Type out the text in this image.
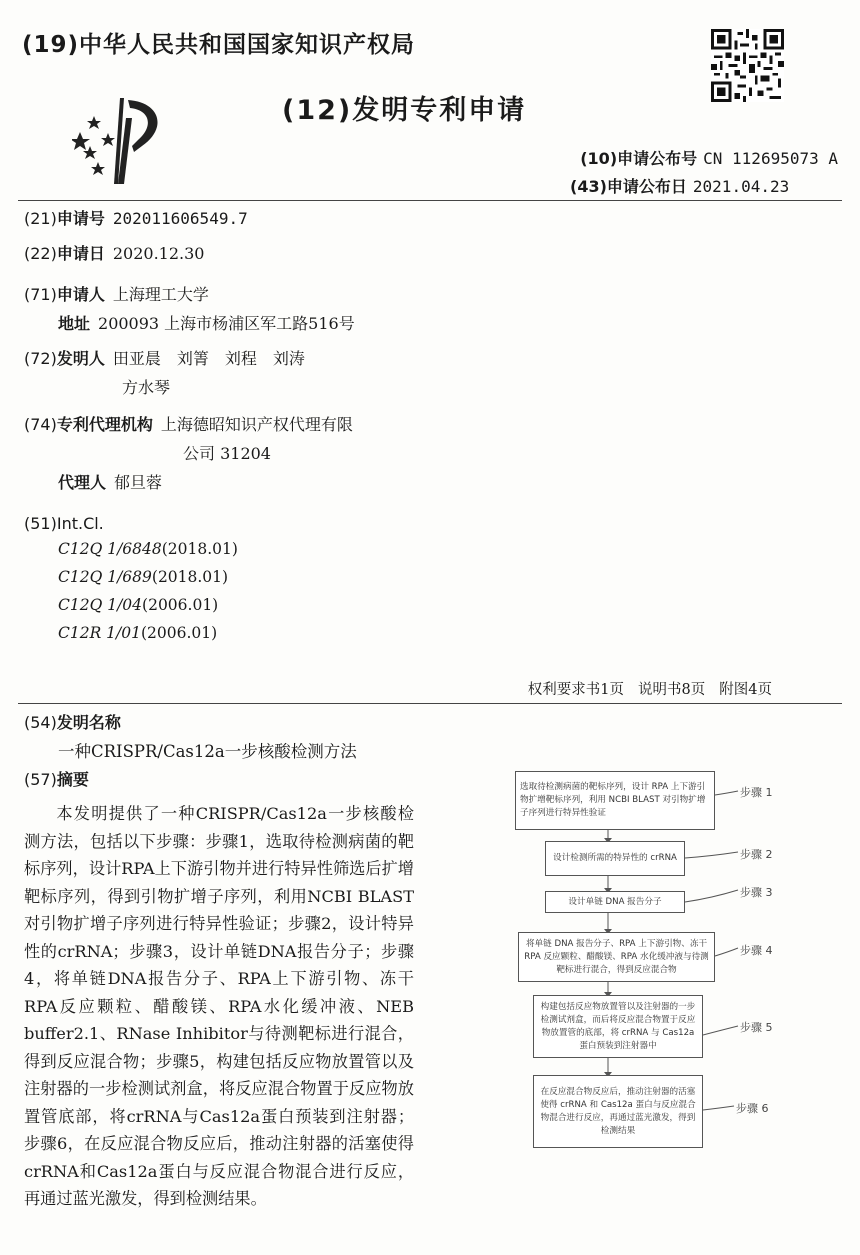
(19)中华人民共和国国家知识产权局
(12)发明专利申请
(10)申请公布号 CN 112695073 A
(43)申请公布日 2021.04.23
(21)申请号 202011606549.7
(22)申请日 2020.12.30
(71)申请人 上海理工大学
地址 200093 上海市杨浦区军工路516号
(72)发明人 田亚晨　刘箐　刘程　刘涛
方水琴
(74)专利代理机构 上海德昭知识产权代理有限
公司 31204
代理人 郁旦蓉
(51)Int.Cl.
C12Q 1/6848(2018.01)
C12Q 1/689(2018.01)
C12Q 1/04(2006.01)
C12R 1/01(2006.01)
权利要求书1页 说明书8页 附图4页
(54)发明名称
一种CRISPR/Cas12a一步核酸检测方法
(57)摘要
本发明提供了一种CRISPR/Cas12a一步核酸检测方法，包括以下步骤：步骤1，选取待检测病菌的靶标序列，设计RPA上下游引物并进行特异性筛选后扩增靶标序列，得到引物扩增子序列，利用NCBI BLAST对引物扩增子序列进行特异性验证；步骤2，设计特异性的crRNA；步骤3，设计单链DNA报告分子；步骤4，将单链DNA报告分子、RPA上下游引物、冻干RPA反应颗粒、醋酸镁、RPA水化缓冲液、NEB buffer2.1、RNase Inhibitor与待测靶标进行混合，得到反应混合物；步骤5，构建包括反应物放置管以及注射器的一步检测试剂盒，将反应混合物置于反应物放置管底部，将crRNA与Cas12a蛋白预装到注射器；步骤6，在反应混合物反应后，推动注射器的活塞使得crRNA和Cas12a蛋白与反应混合物混合进行反应，再通过蓝光激发，得到检测结果。
选取待检测病菌的靶标序列，设计 RPA 上下游引物扩增靶标序列，利用 NCBI BLAST 对引物扩增子序列进行特异性验证
设计检测所需的特异性的 crRNA
设计单链 DNA 报告分子
将单链 DNA 报告分子、RPA 上下游引物、冻干 RPA 反应颗粒、醋酸镁、RPA 水化缓冲液与待测靶标进行混合，得到反应混合物
构建包括反应物放置管以及注射器的一步检测试剂盒，而后将反应混合物置于反应物放置管的底部，将 crRNA 与 Cas12a 蛋白预装到注射器中
在反应混合物反应后，推动注射器的活塞使得 crRNA 和 Cas12a 蛋白与反应混合物混合进行反应，再通过蓝光激发，得到检测结果
步骤 1
步骤 2
步骤 3
步骤 4
步骤 5
步骤 6
